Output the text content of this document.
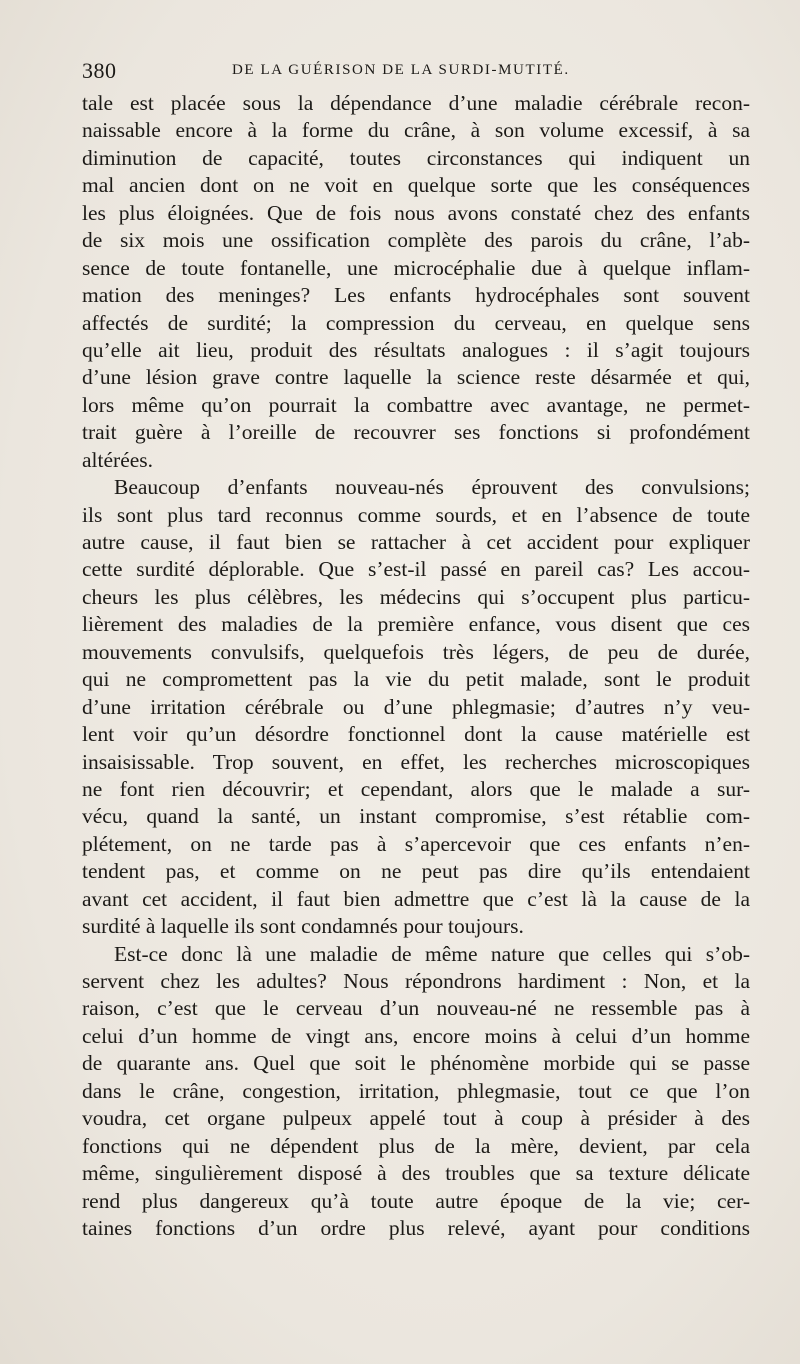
380	DE LA GUÉRISON DE LA SURDI-MUTITÉ.
tale est placée sous la dépendance d’une maladie cérébrale recon-
naissable encore à la forme du crâne, à son volume excessif, à sa
diminution de capacité, toutes circonstances qui indiquent un
mal ancien dont on ne voit en quelque sorte que les conséquences
les plus éloignées. Que de fois nous avons constaté chez des enfants
de six mois une ossification complète des parois du crâne, l’ab-
sence de toute fontanelle, une microcéphalie due à quelque inflam-
mation des meninges? Les enfants hydrocéphales sont souvent
affectés de surdité; la compression du cerveau, en quelque sens
qu’elle ait lieu, produit des résultats analogues : il s’agit toujours
d’une lésion grave contre laquelle la science reste désarmée et qui,
lors même qu’on pourrait la combattre avec avantage, ne permet-
trait guère à l’oreille de recouvrer ses fonctions si profondément
altérées.
Beaucoup d’enfants nouveau-nés éprouvent des convulsions;
ils sont plus tard reconnus comme sourds, et en l’absence de toute
autre cause, il faut bien se rattacher à cet accident pour expliquer
cette surdité déplorable. Que s’est-il passé en pareil cas? Les accou-
cheurs les plus célèbres, les médecins qui s’occupent plus particu-
lièrement des maladies de la première enfance, vous disent que ces
mouvements convulsifs, quelquefois très légers, de peu de durée,
qui ne compromettent pas la vie du petit malade, sont le produit
d’une irritation cérébrale ou d’une phlegmasie; d’autres n’y veu-
lent voir qu’un désordre fonctionnel dont la cause matérielle est
insaisissable. Trop souvent, en effet, les recherches microscopiques
ne font rien découvrir; et cependant, alors que le malade a sur-
vécu, quand la santé, un instant compromise, s’est rétablie com-
plétement, on ne tarde pas à s’apercevoir que ces enfants n’en-
tendent pas, et comme on ne peut pas dire qu’ils entendaient
avant cet accident, il faut bien admettre que c’est là la cause de la
surdité à laquelle ils sont condamnés pour toujours.
Est-ce donc là une maladie de même nature que celles qui s’ob-
servent chez les adultes? Nous répondrons hardiment : Non, et la
raison, c’est que le cerveau d’un nouveau-né ne ressemble pas à
celui d’un homme de vingt ans, encore moins à celui d’un homme
de quarante ans. Quel que soit le phénomène morbide qui se passe
dans le crâne, congestion, irritation, phlegmasie, tout ce que l’on
voudra, cet organe pulpeux appelé tout à coup à présider à des
fonctions qui ne dépendent plus de la mère, devient, par cela
même, singulièrement disposé à des troubles que sa texture délicate
rend plus dangereux qu’à toute autre époque de la vie; cer-
taines fonctions d’un ordre plus relevé, ayant pour conditions
